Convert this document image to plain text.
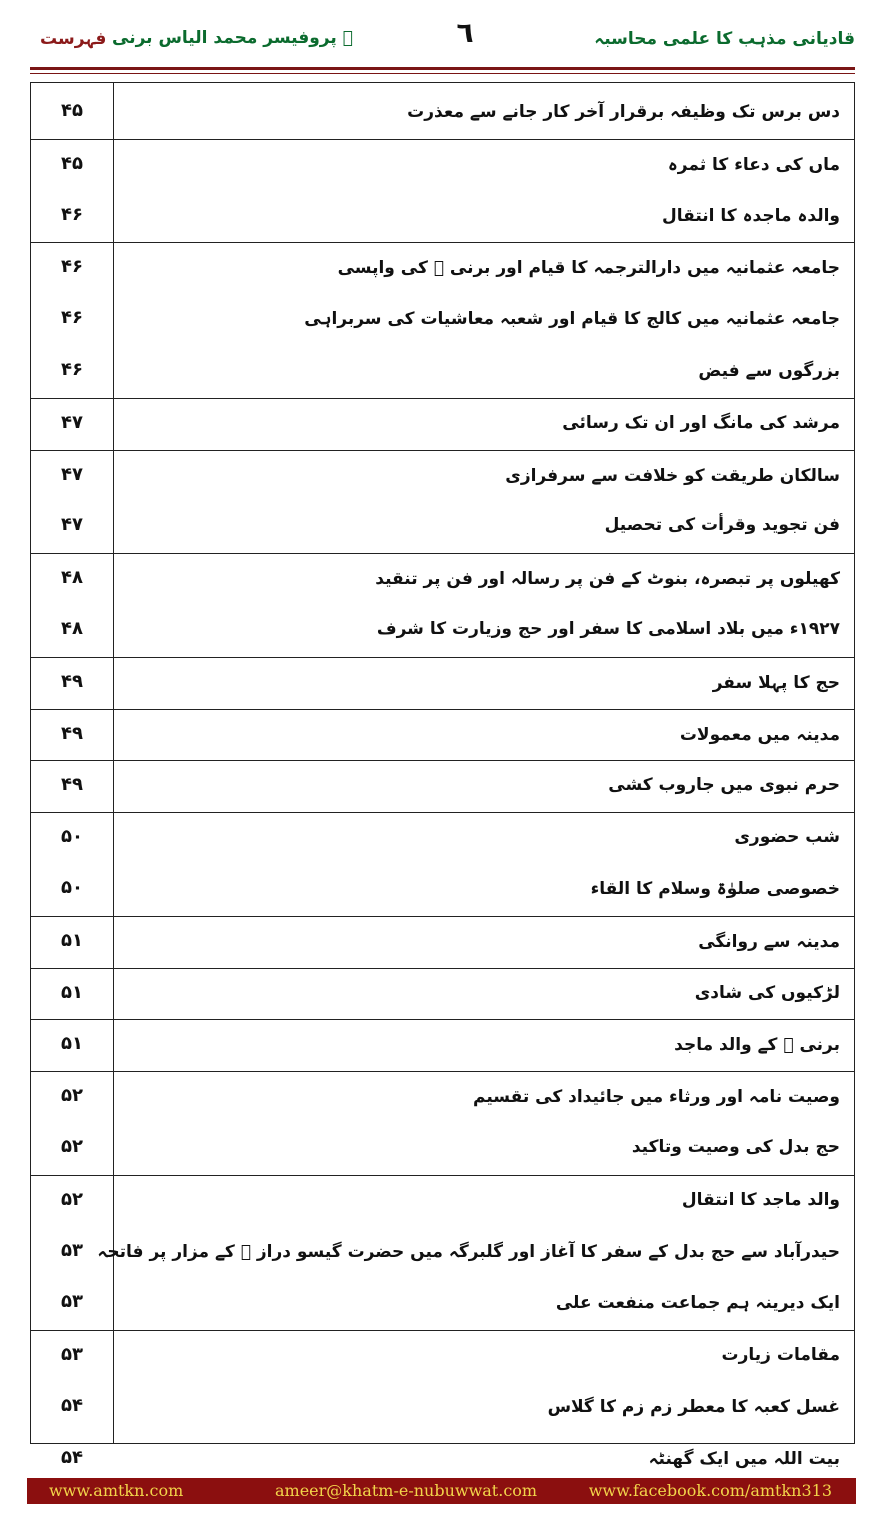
قادیانی مذہب کا علمی محاسبہ
٦
پروفیسر محمد الیاس برنی ﷫
فہرست
دس برس تک وظیفہ برقرار آخر کار جانے سے معذرت
۴۵
ماں کی دعاء کا ثمرہ
۴۵
والدہ ماجدہ کا انتقال
۴۶
جامعہ عثمانیہ میں دارالترجمہ کا قیام اور برنی ﷫ کی واپسی
۴۶
جامعہ عثمانیہ میں کالج کا قیام اور شعبہ معاشیات کی سربراہی
۴۶
بزرگوں سے فیض
۴۶
مرشد کی مانگ اور ان تک رسائی
۴۷
سالکان طریقت کو خلافت سے سرفرازی
۴۷
فن تجوید وقرأت کی تحصیل
۴۷
کھیلوں پر تبصرہ، بنوٹ کے فن پر رسالہ اور فن پر تنقید
۴۸
۱۹۲۷ء میں بلاد اسلامی کا سفر اور حج وزیارت کا شرف
۴۸
حج کا پہلا سفر
۴۹
مدینہ میں معمولات
۴۹
حرم نبوی میں جاروب کشی
۴۹
شب حضوری
۵۰
خصوصی صلوٰۃ وسلام کا القاء
۵۰
مدینہ سے روانگی
۵۱
لڑکیوں کی شادی
۵۱
برنی ﷫ کے والد ماجد
۵۱
وصیت نامہ اور ورثاء میں جائیداد کی تقسیم
۵۲
حج بدل کی وصیت وتاکید
۵۲
والد ماجد کا انتقال
۵۲
حیدرآباد سے حج بدل کے سفر کا آغاز اور گلبرگہ میں حضرت گیسو دراز ﷫ کے مزار پر فاتحہ
۵۳
ایک دیرینہ ہم جماعت منفعت علی
۵۳
مقامات زیارت
۵۳
غسل کعبہ کا معطر زم زم کا گلاس
۵۴
بیت اللہ میں ایک گھنٹہ
۵۴
www.amtkn.com	ameer@khatm-e-nubuwwat.com	www.facebook.com/amtkn313
